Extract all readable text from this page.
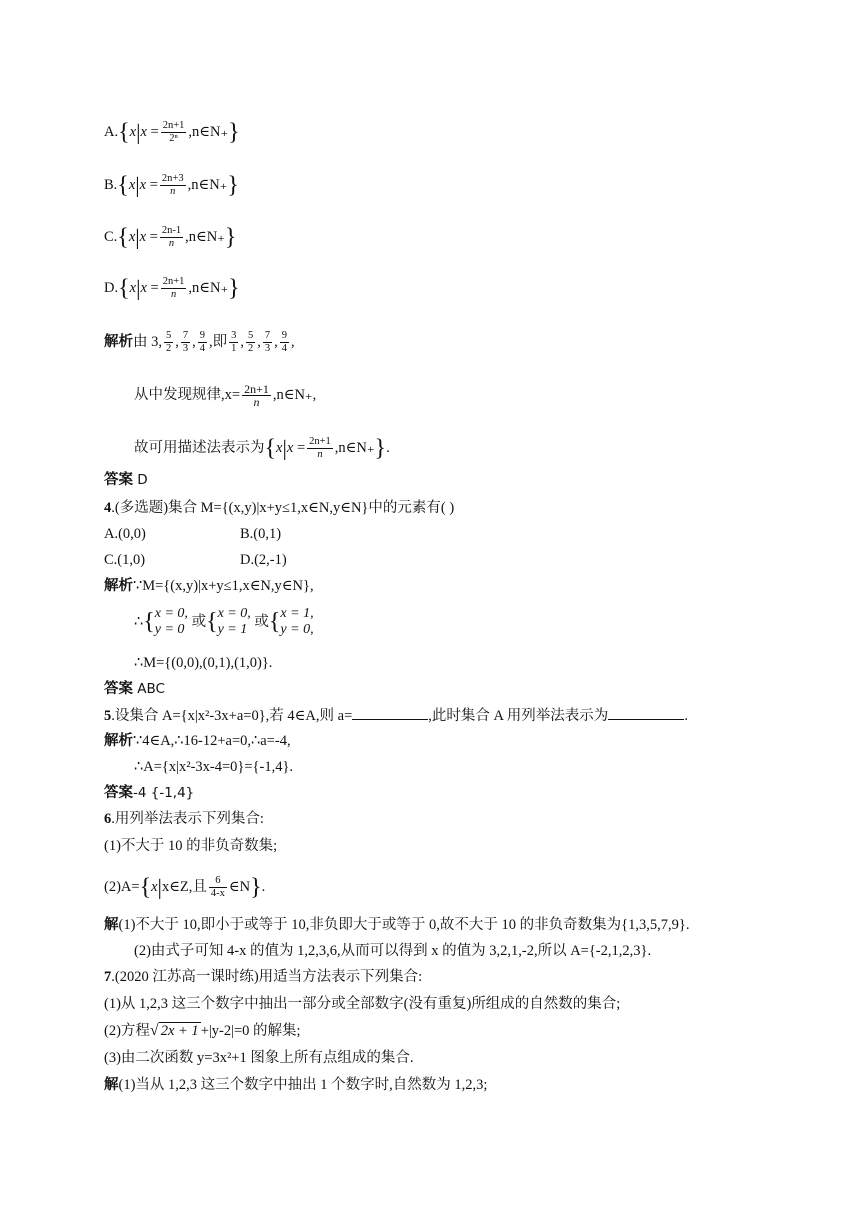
$A.\{x|x = \frac{2n+1}{\text{2ⁿ}}$ ,n∈N₊}
$B.\{x|x = \frac{2n+3}{n}$ ,n∈N₊}
$C.\{x|x = \frac{2n-1}{n}$ ,n∈N₊}
$D.\{x|x = \frac{2n+1}{n}$ ,n∈N₊}
解析由 3, $\frac{5}{2}$ , $\frac{7}{3}$ , $\frac{9}{4}$ ,即 $\frac{3}{1}$ , $\frac{5}{2}$ , $\frac{7}{3}$ , $\frac{9}{4}$ ,
从中发现规律$,x= \frac{2n+1}{n}$ ,n∈N₊,
故可用描述法表示为{$x|x = \frac{2n+1}{n}$ ,n∈N₊}.
答案 D
4.(多选题)集合 M={(x,y)|x+y≤1,x∈N,y∈N}中的元素有( )
A.(0,0)	B.(0,1)
C.(1,0)	D.(2,-1)
解析∵M={(x,y)|x+y≤1,x∈N,y∈N},
∴{x = 0,
y = 0 或{x = 0,
y = 1 或{x = 1,
y = 0,
∴M={(0,0),(0,1),(1,0)}.
答案 ABC
5.设集合 A={x|x²-3x+a=0},若 4∈A,则 a=	,此时集合 A 用列举法表示为	.
解析∵4∈A,∴16-12+a=0,∴a=-4,
∴A={x|x²-3x-4=0}={-1,4}.
答案-4 {-1,4}
6.用列举法表示下列集合:
(1)不大于 10 的非负奇数集;
(2)A={x|x∈Z,且 $\frac{6}{4-x}$ ∈N}.
解(1)不大于 10,即小于或等于 10,非负即大于或等于 0,故不大于 10 的非负奇数集为{1,3,5,7,9}.
(2)由式子可知 4-x 的值为 1,2,3,6,从而可以得到 x 的值为 3,2,1,-2,所以 A={-2,1,2,3}.
7.(2020 江苏高一课时练)用适当方法表示下列集合:
(1)从 1,2,3 这三个数字中抽出一部分或全部数字(没有重复)所组成的自然数的集合;
(2)方程√ 2x + 1 +|y-2|=0 的解集;
(3)由二次函数 y=3x²+1 图象上所有点组成的集合.
解(1)当从 1,2,3 这三个数字中抽出 1 个数字时,自然数为 1,2,3;
